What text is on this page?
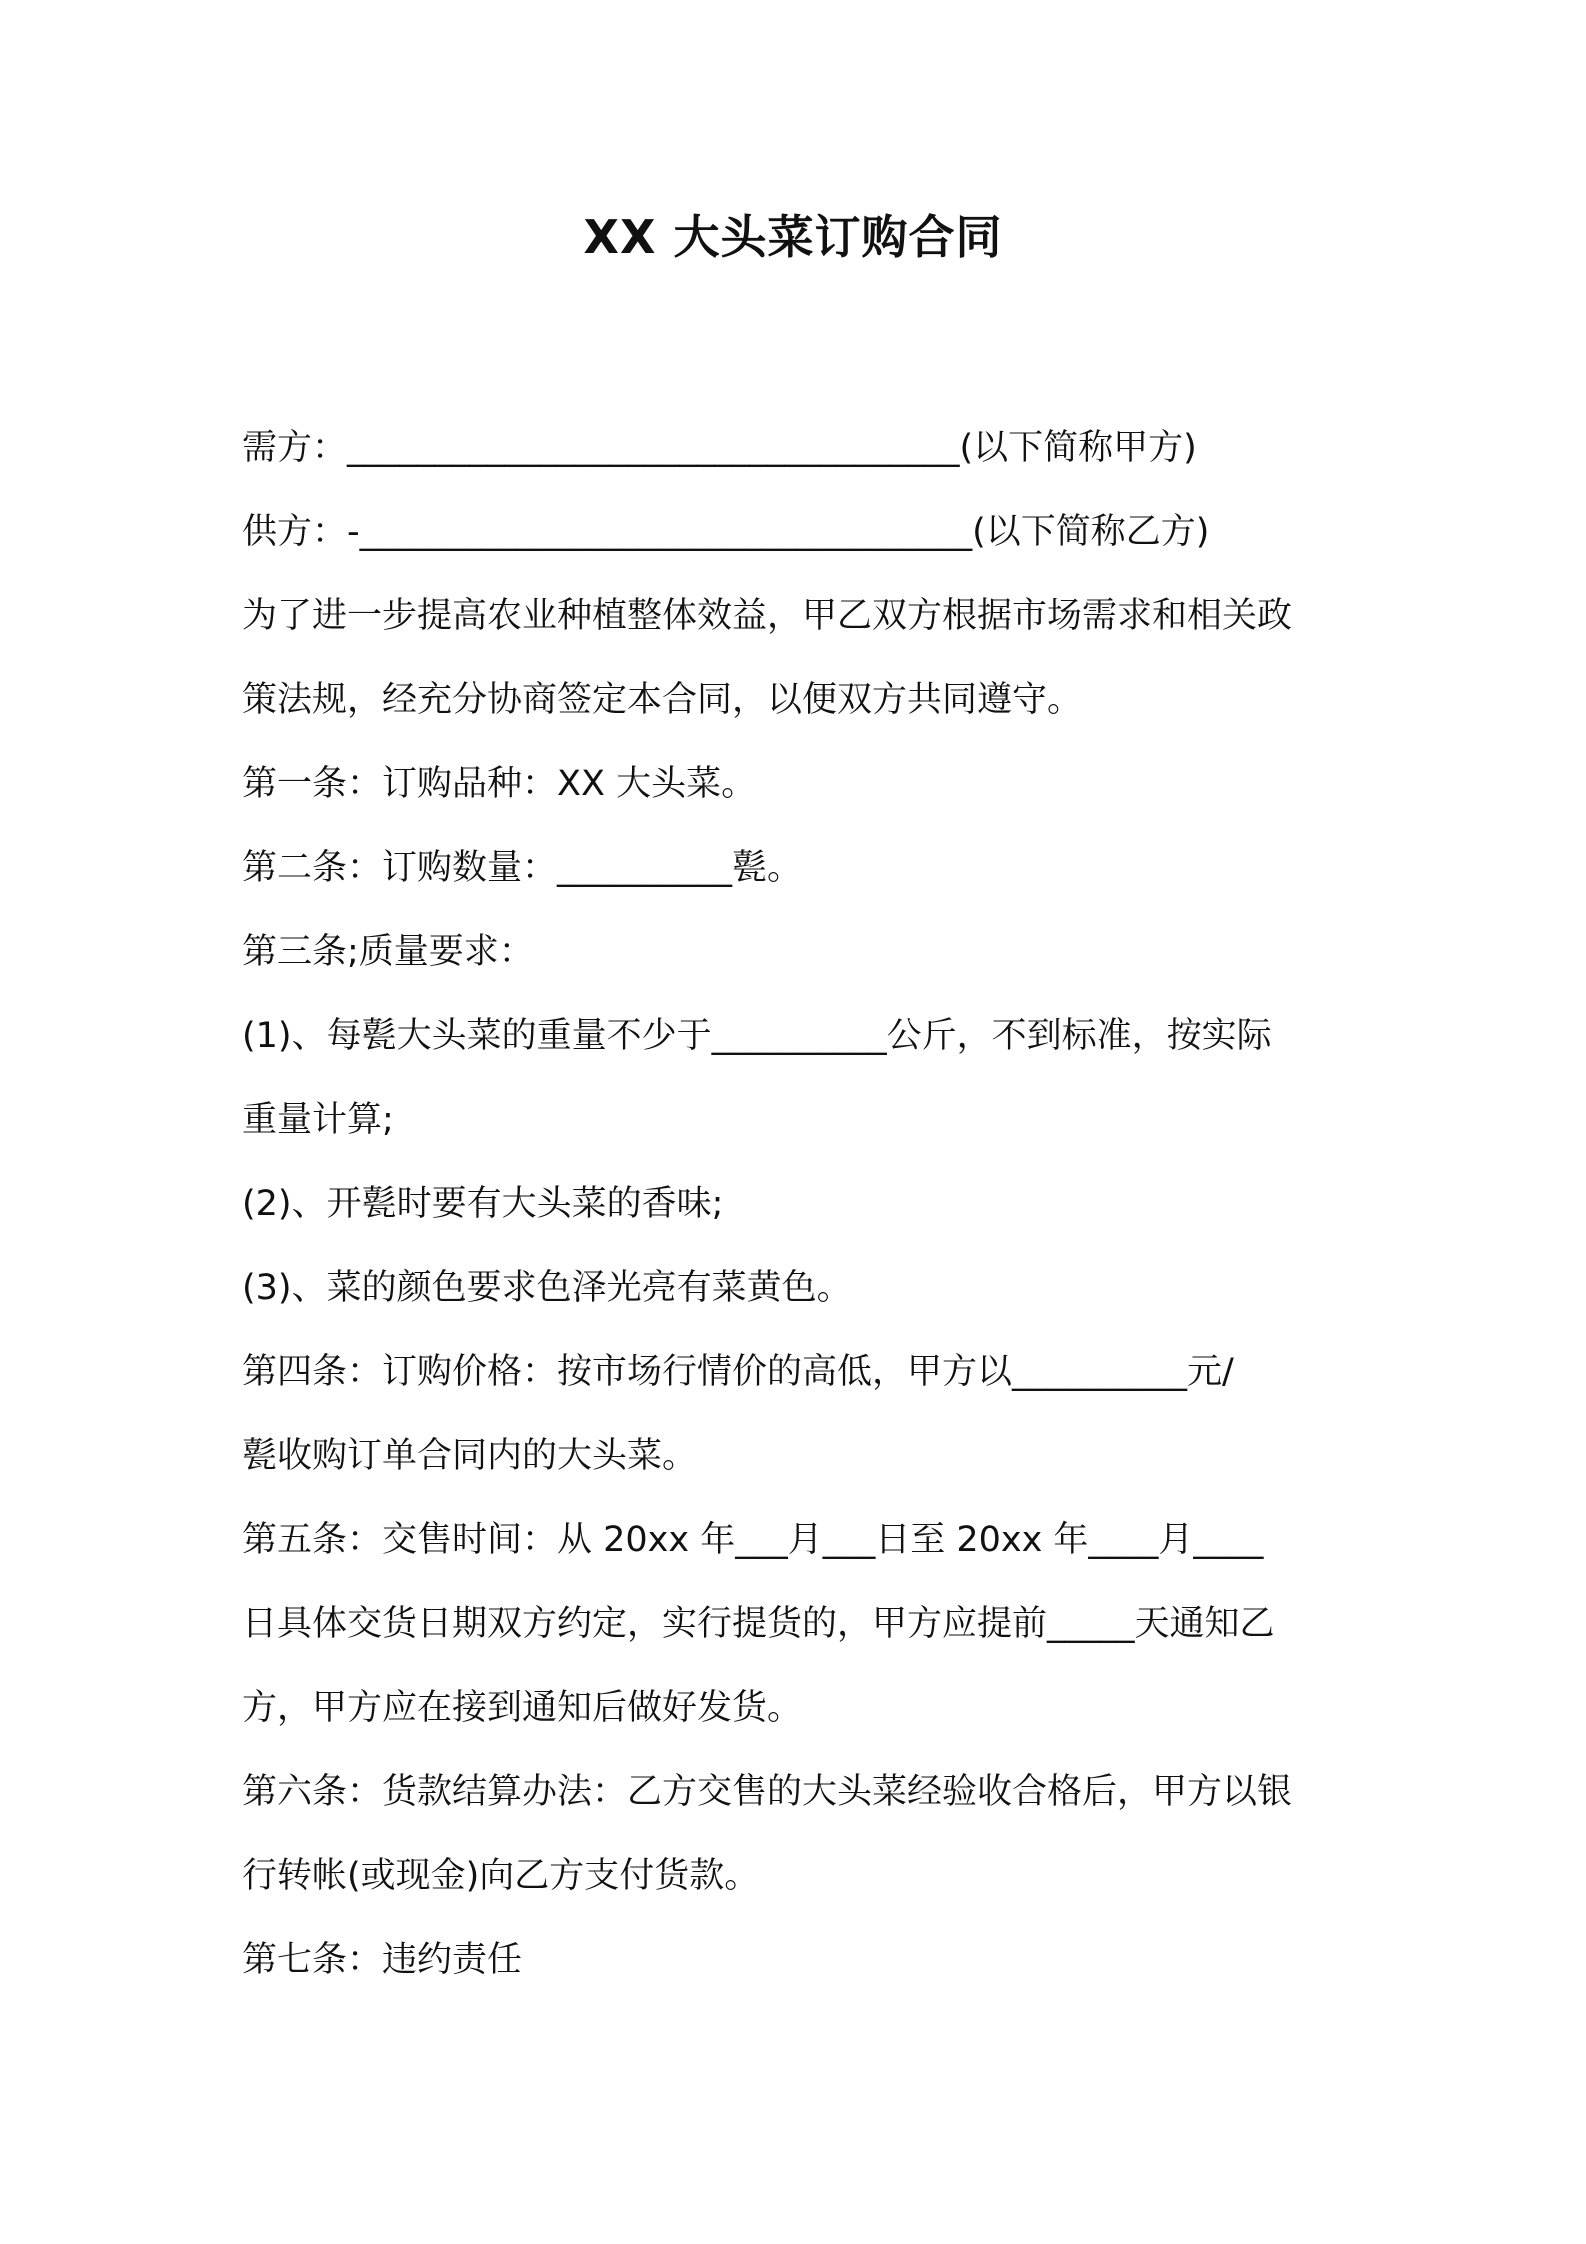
XX 大头菜订购合同
需方：___________________________________(以下简称甲方)
供方：-___________________________________(以下简称乙方)
为了进一步提高农业种植整体效益，甲乙双方根据市场需求和相关政
策法规，经充分协商签定本合同，以便双方共同遵守。
第一条：订购品种：XX 大头菜。
第二条：订购数量：__________甏。
第三条;质量要求：
(1)、每甏大头菜的重量不少于__________公斤，不到标准，按实际
重量计算;
(2)、开甏时要有大头菜的香味;
(3)、菜的颜色要求色泽光亮有菜黄色。
第四条：订购价格：按市场行情价的高低，甲方以__________元/
甏收购订单合同内的大头菜。
第五条：交售时间：从 20xx 年___月___日至 20xx 年____月____
日具体交货日期双方约定，实行提货的，甲方应提前_____天通知乙
方，甲方应在接到通知后做好发货。
第六条：货款结算办法：乙方交售的大头菜经验收合格后，甲方以银
行转帐(或现金)向乙方支付货款。
第七条：违约责任
